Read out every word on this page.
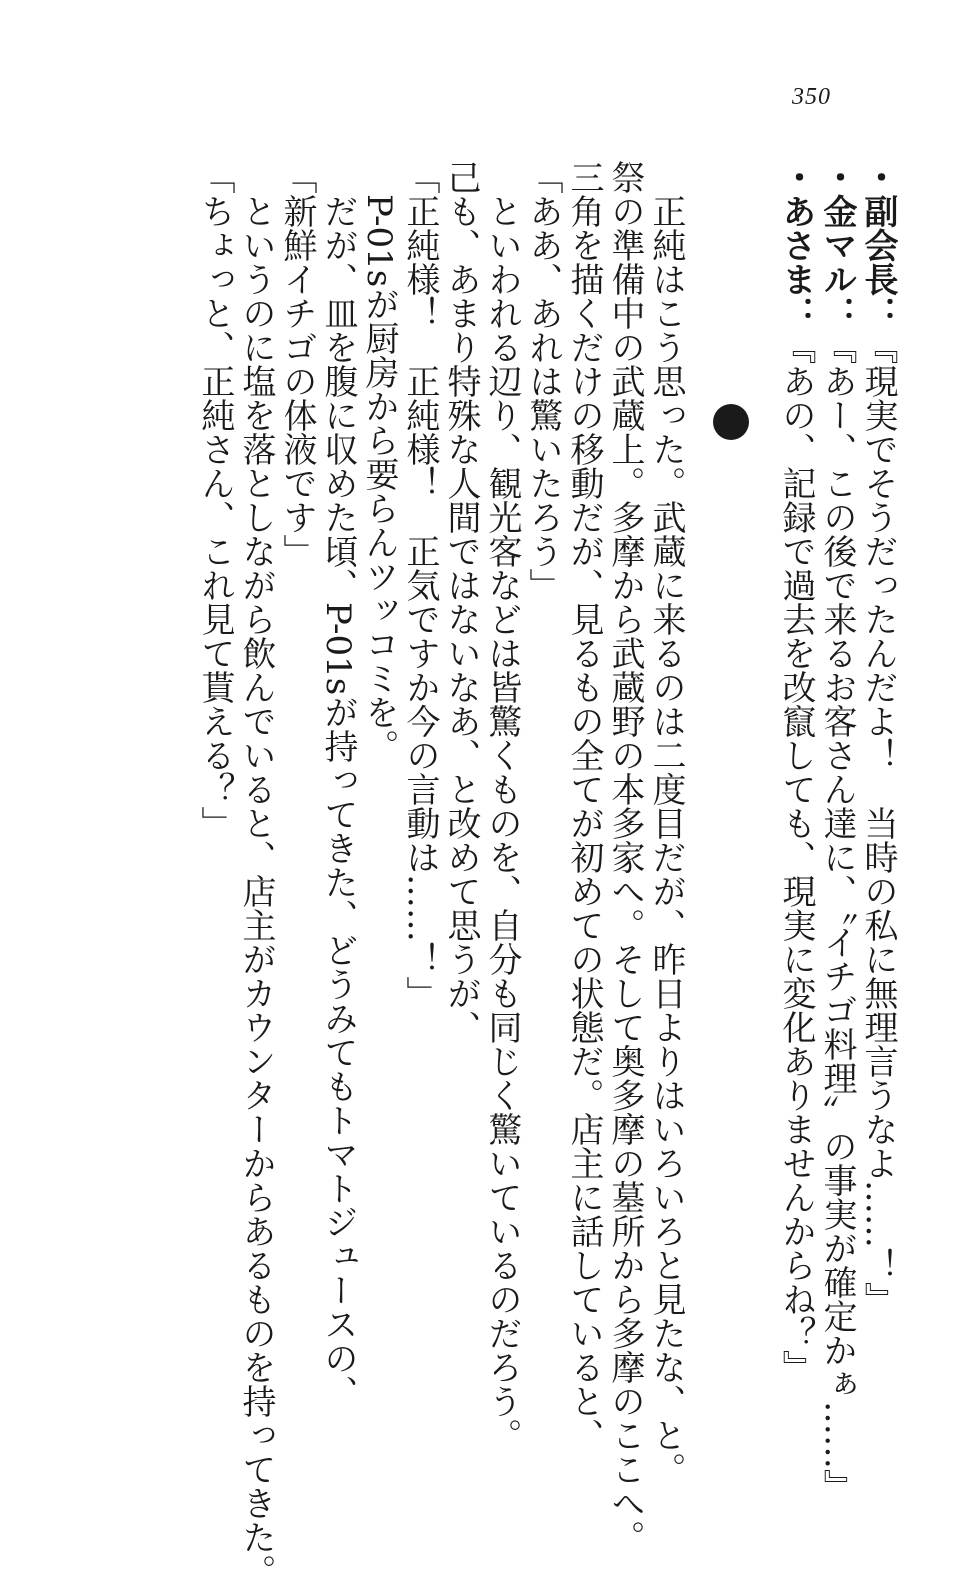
350
・副会長：『現実でそうだったんだよ！　当時の私に無理言うなよ……！』
・金マル：『あー、この後で来るお客さん達に、〝イチゴ料理〟の事実が確定かぁ……』
・あさま：『あの、記録で過去を改竄しても、現実に変化ありませんからね？』
　正純はこう思った。武蔵に来るのは二度目だが、昨日よりはいろいろと見たな、と。
祭の準備中の武蔵上。多摩から武蔵野の本多家へ。そして奥多摩の墓所から多摩のここへ。
三角を描くだけの移動だが、見るもの全てが初めての状態だ。店主に話していると、
「ああ、あれは驚いたろう」
　といわれる辺り、観光客などは皆驚くものを、自分も同じく驚いているのだろう。
己も、あまり特殊な人間ではないなあ、と改めて思うが、
「正純様！　正純様！　正気ですか今の言動は……！」
　P-01sが厨房から要らんツッコミを。
　だが、皿を腹に収めた頃、P-01sが持ってきた、どうみてもトマトジュースの、
「新鮮イチゴの体液です」
　というのに塩を落としながら飲んでいると、店主がカウンターからあるものを持ってきた。
「ちょっと、正純さん、これ見て貰える？」
